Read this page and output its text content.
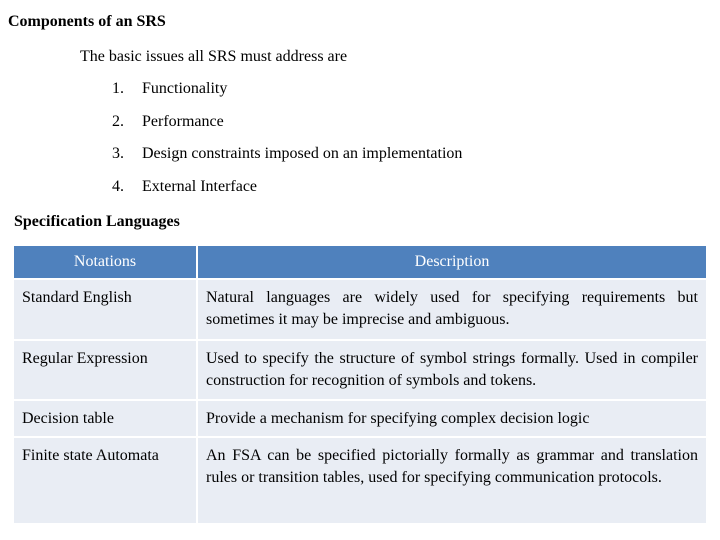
Components of an SRS
The basic issues all SRS must address are
1. Functionality
2. Performance
3. Design constraints imposed on an implementation
4. External Interface
Specification Languages
Notations	Description
Standard English	Natural languages are widely used for specifying requirements but sometimes it may be imprecise and ambiguous.
Regular Expression	Used to specify the structure of symbol strings formally. Used in compiler construction for recognition of symbols and tokens.
Decision table	Provide a mechanism for specifying complex decision logic
Finite state Automata	An FSA can be specified pictorially formally as grammar and translation rules or transition tables, used for specifying communication protocols.
